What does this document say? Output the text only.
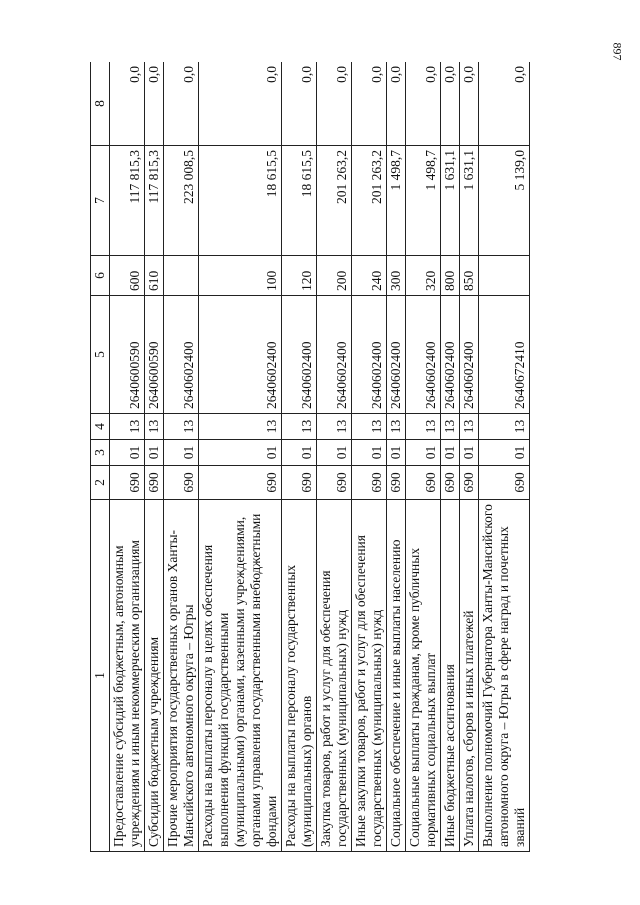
897
1	2	3	4	5	6	7	8
Предоставление субсидий бюджетным, автономным учреждениям и иным некоммерческим организациям	690	01	13	2640600590	600	117 815,3	0,0
Субсидии бюджетным учреждениям	690	01	13	2640600590	610	117 815,3	0,0
Прочие мероприятия государственных органов Ханты-Мансийского автономного округа – Югры	690	01	13	2640602400		223 008,5	0,0
Расходы на выплаты персоналу в целях обеспечения выполнения функций государственными (муниципальными) органами, казенными учреждениями, органами управления государственными внебюджетными фондами	690	01	13	2640602400	100	18 615,5	0,0
Расходы на выплаты персоналу государственных (муниципальных) органов	690	01	13	2640602400	120	18 615,5	0,0
Закупка товаров, работ и услуг для обеспечения государственных (муниципальных) нужд	690	01	13	2640602400	200	201 263,2	0,0
Иные закупки товаров, работ и услуг для обеспечения государственных (муниципальных) нужд	690	01	13	2640602400	240	201 263,2	0,0
Социальное обеспечение и иные выплаты населению	690	01	13	2640602400	300	1 498,7	0,0
Социальные выплаты гражданам, кроме публичных нормативных социальных выплат	690	01	13	2640602400	320	1 498,7	0,0
Иные бюджетные ассигнования	690	01	13	2640602400	800	1 631,1	0,0
Уплата налогов, сборов и иных платежей	690	01	13	2640602400	850	1 631,1	0,0
Выполнение полномочий Губернатора Ханты-Мансийского автономного округа – Югры в сфере наград и почетных званий	690	01	13	2640672410		5 139,0	0,0
